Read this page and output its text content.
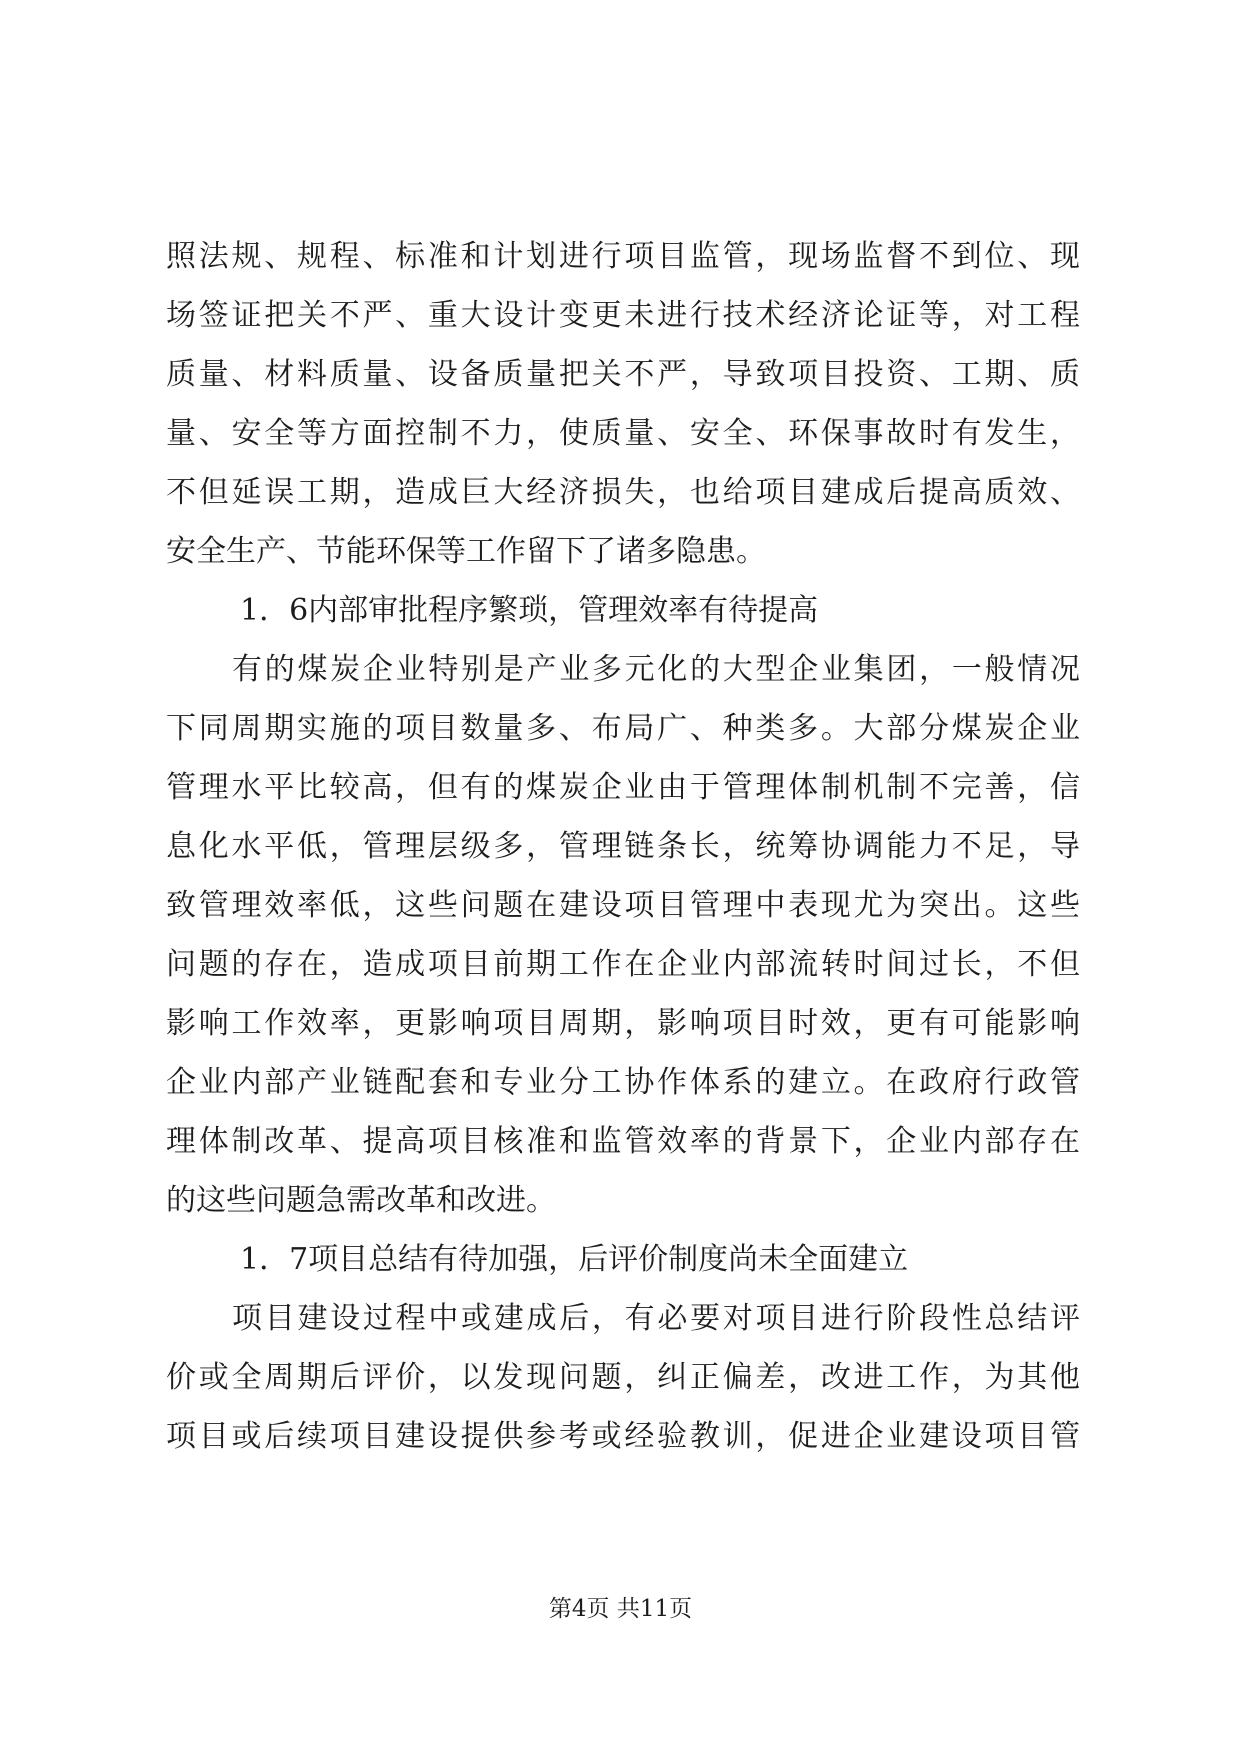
照法规、规程、标准和计划进行项目监管，现场监督不到位、现
场签证把关不严、重大设计变更未进行技术经济论证等，对工程
质量、材料质量、设备质量把关不严，导致项目投资、工期、质
量、安全等方面控制不力，使质量、安全、环保事故时有发生，
不但延误工期，造成巨大经济损失，也给项目建成后提高质效、
安全生产、节能环保等工作留下了诸多隐患。
1．6内部审批程序繁琐，管理效率有待提高
有的煤炭企业特别是产业多元化的大型企业集团，一般情况
下同周期实施的项目数量多、布局广、种类多。大部分煤炭企业
管理水平比较高，但有的煤炭企业由于管理体制机制不完善，信
息化水平低，管理层级多，管理链条长，统筹协调能力不足，导
致管理效率低，这些问题在建设项目管理中表现尤为突出。这些
问题的存在，造成项目前期工作在企业内部流转时间过长，不但
影响工作效率，更影响项目周期，影响项目时效，更有可能影响
企业内部产业链配套和专业分工协作体系的建立。在政府行政管
理体制改革、提高项目核准和监管效率的背景下，企业内部存在
的这些问题急需改革和改进。
1．7项目总结有待加强，后评价制度尚未全面建立
项目建设过程中或建成后，有必要对项目进行阶段性总结评
价或全周期后评价，以发现问题，纠正偏差，改进工作，为其他
项目或后续项目建设提供参考或经验教训，促进企业建设项目管
第4页 共11页
